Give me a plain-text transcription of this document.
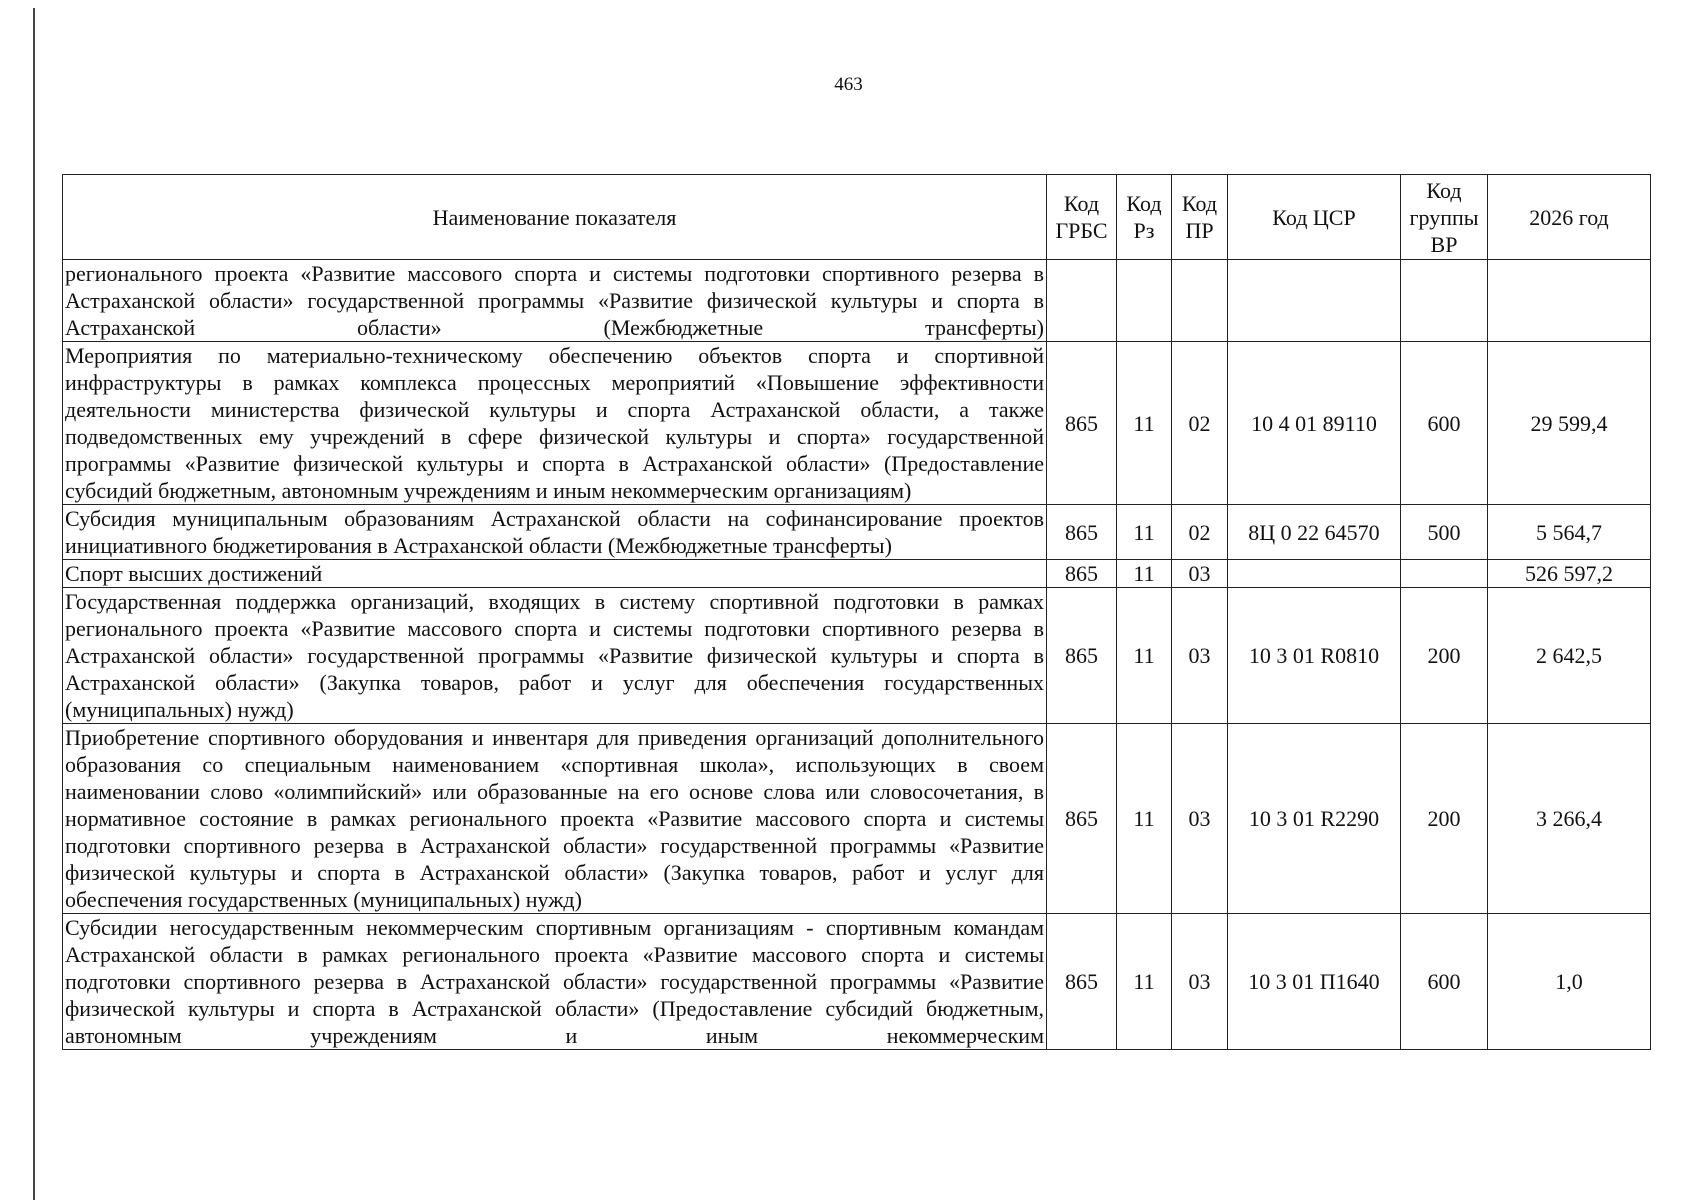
463
Наименование показателя	Код ГРБС	Код Рз	Код ПР	Код ЦСР	Код группы ВР	2026 год
регионального проекта «Развитие массового спорта и системы подготовки спортивного резерва в Астраханской области» государственной программы «Развитие физической культуры и спорта в Астраханской области» (Межбюджетные трансферты)						
Мероприятия по материально-техническому обеспечению объектов спорта и спортивной инфраструктуры в рамках комплекса процессных мероприятий «Повышение эффективности деятельности министерства физической культуры и спорта Астраханской области, а также подведомственных ему учреждений в сфере физической культуры и спорта» государственной программы «Развитие физической культуры и спорта в Астраханской области» (Предоставление субсидий бюджетным, автономным учреждениям и иным некоммерческим организациям)	865	11	02	10 4 01 89110	600	29 599,4
Субсидия муниципальным образованиям Астраханской области на софинансирование проектов инициативного бюджетирования в Астраханской области (Межбюджетные трансферты)	865	11	02	8Ц 0 22 64570	500	5 564,7
Спорт высших достижений	865	11	03			526 597,2
Государственная поддержка организаций, входящих в систему спортивной подготовки в рамках регионального проекта «Развитие массового спорта и системы подготовки спортивного резерва в Астраханской области» государственной программы «Развитие физической культуры и спорта в Астраханской области» (Закупка товаров, работ и услуг для обеспечения государственных (муниципальных) нужд)	865	11	03	10 3 01 R0810	200	2 642,5
Приобретение спортивного оборудования и инвентаря для приведения организаций дополнительного образования со специальным наименованием «спортивная школа», использующих в своем наименовании слово «олимпийский» или образованные на его основе слова или словосочетания, в нормативное состояние в рамках регионального проекта «Развитие массового спорта и системы подготовки спортивного резерва в Астраханской области» государственной программы «Развитие физической культуры и спорта в Астраханской области» (Закупка товаров, работ и услуг для обеспечения государственных (муниципальных) нужд)	865	11	03	10 3 01 R2290	200	3 266,4
Субсидии негосударственным некоммерческим спортивным организациям - спортивным командам Астраханской области в рамках регионального проекта «Развитие массового спорта и системы подготовки спортивного резерва в Астраханской области» государственной программы «Развитие физической культуры и спорта в Астраханской области» (Предоставление субсидий бюджетным, автономным учреждениям и иным некоммерческим	865	11	03	10 3 01 П1640	600	1,0
